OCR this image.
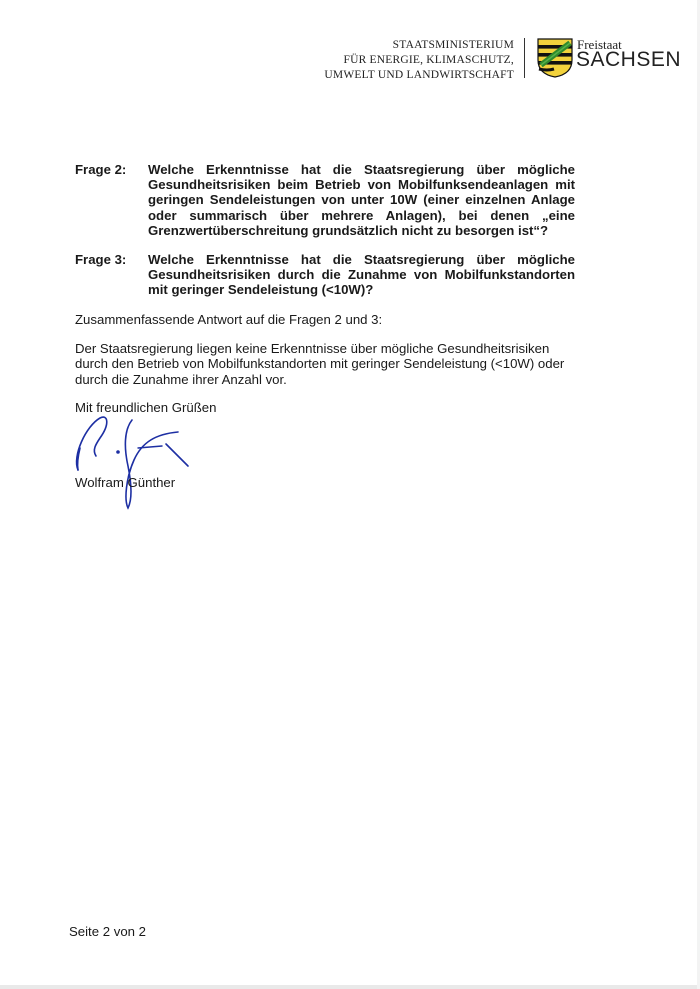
STAATSMINISTERIUM
FÜR ENERGIE, KLIMASCHUTZ,
UMWELT UND LANDWIRTSCHAFT
Freistaat
SACHSEN
Frage 2:	Welche Erkenntnisse hat die Staatsregierung über mögliche Gesundheitsrisiken beim Betrieb von Mobilfunksendeanlagen mit geringen Sendeleistungen von unter 10W (einer einzelnen Anlage oder summarisch über mehrere Anlagen), bei denen „eine Grenzwertüberschreitung grundsätzlich nicht zu besorgen ist“?
Frage 3:	Welche Erkenntnisse hat die Staatsregierung über mögliche Gesundheitsrisiken durch die Zunahme von Mobilfunkstandorten mit geringer Sendeleistung (<10W)?
Zusammenfassende Antwort auf die Fragen 2 und 3:
Der Staatsregierung liegen keine Erkenntnisse über mögliche Gesundheitsrisiken durch den Betrieb von Mobilfunkstandorten mit geringer Sendeleistung (<10W) oder durch die Zunahme ihrer Anzahl vor.
Mit freundlichen Grüßen
Wolfram Günther
Seite 2 von 2
